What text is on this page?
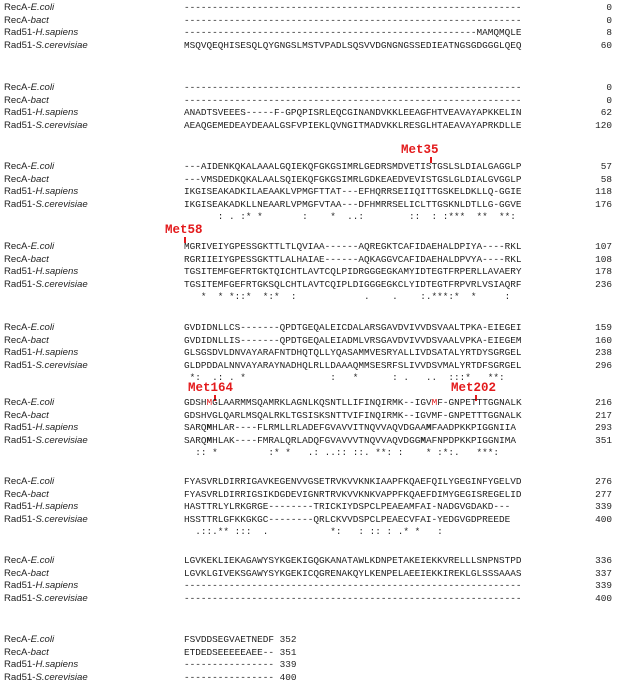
RecA-E.coli	------------------------------------------------------------	0
RecA-bact	------------------------------------------------------------	0
Rad51-H.sapiens	----------------------------------------------------MAMQMQLE	8
Rad51-S.cerevisiae	MSQVQEQHISESQLQYGNGSLMSTVPADLSQSVVDGNGNGSSEDIEATNGSGDGGGLQEQ	60
RecA-E.coli	------------------------------------------------------------	0
RecA-bact	------------------------------------------------------------	0
Rad51-H.sapiens	ANADTSVEEES-----F-GPQPISRLEQCGINANDVKKLEEAGFHTVEAVAYAPKKELIN	62
Rad51-S.cerevisiae	AEAQGEMEDEAYDEAALGSFVPIEKLQVNGITMADVKKLRESGLHTAEAVAYAPRKDLLE	120
Met35
RecA-E.coli	---AIDENKQKALAAALGQIEKQFGKGSIMRLGEDRSMDVETISTGSLSLDIALGAGGLP	57
RecA-bact	---VMSDEDKQKALAALSQIEKQFGKGSIMRLGDKEAEDVEVISTGSLGLDIALGVGGLP	58
Rad51-H.sapiens	IKGISEAKADKILAEAAKLVPMGFTTAT---EFHQRRSEIIQITTGSKELDKLLQ-GGIE	118
Rad51-S.cerevisiae	IKGISEAKADKLLNEAARLVPMGFVTAA---DFHMRRSELICLTTGSKNLDTLLG-GGVE	176
: . :* *       :    *  ..:        ::  : :***  **  **:
Met58
RecA-E.coli	MGRIVEIYGPESSGKTTLTLQVIAA------AQREGKTCAFIDAEHALDPIYA----RKL	107
RecA-bact	RGRIIEIYGPESSGKTTLALHAIAE------AQKAGGVCAFIDAEHALDPVYA----RKL	108
Rad51-H.sapiens	TGSITEMFGEFRTGKTQICHTLAVTCQLPIDRGGGEGKAMYIDTEGTFRPERLLAVAERY	178
Rad51-S.cerevisiae	TGSITEMFGEFRTGKSQLCHTLAVTCQIPLDIGGGEGKCLYIDTEGTFRPVRLVSIAQRF	236
*  * *::*  *:*  :            .    .    :.***:*  *     :
RecA-E.coli	GVDIDNLLCS-------QPDTGEQALEICDALARSGAVDVIVVDSVAALTPKA-EIEGEI	159
RecA-bact	GVDIDNLLIS-------QPDTGEQALEIADMLVRSGAVDVIVVDSVAALVPKA-EIEGEM	160
Rad51-H.sapiens	GLSGSDVLDNVAYARAFNTDHQTQLLYQASAMMVESRYALLIVDSATALYRTDYSGRGEL	238
Rad51-S.cerevisiae	GLDPDDALNNVAYARAYNADHQLRLLDAAAQMMSESRFSLIVVDSVMALYRTDFSGRGEL	296
*:  .: . *               :   *      : .   ..  :::*   **:
Met164	Met202
RecA-E.coli	GDSHMGLAARMMSQAMRKLAGNLKQSNTLLIFINQIRMK--IGVMF-GNPETTTGGNALK	216
RecA-bact	GDSHVGLQARLMSQALRKLTGSISKSNTTVIFINQIRMK--IGVMF-GNPETTTGGNALK	217
Rad51-H.sapiens	SARQMHLAR----FLRMLLRLADEFGVAVVITNQVVAQVDGAAMFAADPKKPIGGNIIA	293
Rad51-S.cerevisiae	SARQMHLAK----FMRALQRLADQFGVAVVVTNQVVAQVDGGMAFNPDPKKPIGGNIMA	351
:: *         :* *   .: ..:: ::. **: :    * :*:.   ***:
RecA-E.coli	FYASVRLDIRRIGAVKEGENVVGSETRVKVVKNKIAAPFKQAEFQILYGEGINFYGELVD	276
RecA-bact	FYASVRLDIRRIGSIKDGDEVIGNRTRVKVVKNKVAPPFKQAEFDIMYGEGISREGELID	277
Rad51-H.sapiens	HASTTRLYLRKGRGE--------TRICKIYDSPCLPEAEAMFAI-NADGVGDAKD---	339
Rad51-S.cerevisiae	HSSTTRLGFKKGKGC--------QRLCKVVDSPCLPEAECVFAI-YEDGVGDPREEDE	400
.::.** :::  .           *:   : :: : .* *   :
RecA-E.coli	LGVKEKLIEKAGAWYSYKGEKIGQGKANATAWLKDNPETAKEIEKKVRELLLSNPNSTPD	336
RecA-bact	LGVKLGIVEKSGAWYSYKGEKICQGRENAKQYLKENPELAEEIEKKIREKLGLSSSAAAS	337
Rad51-H.sapiens	------------------------------------------------------------	339
Rad51-S.cerevisiae	------------------------------------------------------------	400
RecA-E.coli	FSVDDSEGVAETNEDF 352
RecA-bact	ETDEDSEEEEEAEE-- 351
Rad51-H.sapiens	---------------- 339
Rad51-S.cerevisiae	---------------- 400
